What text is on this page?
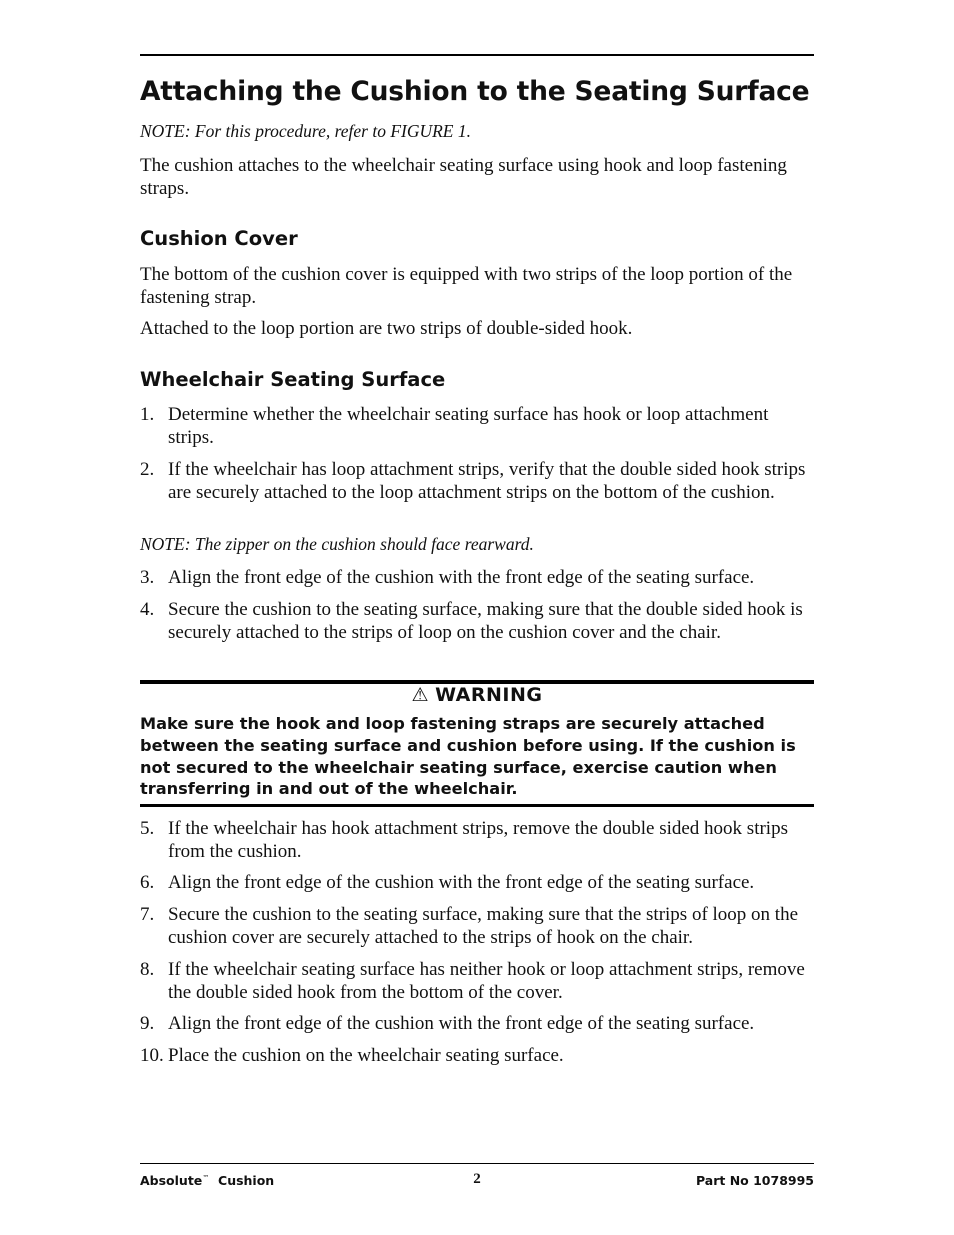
Attaching the Cushion to the Seating Surface
NOTE: For this procedure, refer to FIGURE 1.
The cushion attaches to the wheelchair seating surface using hook and loop fastening straps.
Cushion Cover
The bottom of the cushion cover is equipped with two strips of the loop portion of the fastening strap.
Attached to the loop portion are two strips of double-sided hook.
Wheelchair Seating Surface
1. Determine whether the wheelchair seating surface has hook or loop attachment strips.
2. If the wheelchair has loop attachment strips, verify that the double sided hook strips are securely attached to the loop attachment strips on the bottom of the cushion.
NOTE: The zipper on the cushion should face rearward.
3. Align the front edge of the cushion with the front edge of the seating surface.
4. Secure the cushion to the seating surface, making sure that the double sided hook is securely attached to the strips of loop on the cushion cover and the chair.
⚠ WARNING
Make sure the hook and loop fastening straps are securely attached between the seating surface and cushion before using. If the cushion is not secured to the wheelchair seating surface, exercise caution when transferring in and out of the wheelchair.
5. If the wheelchair has hook attachment strips, remove the double sided hook strips from the cushion.
6. Align the front edge of the cushion with the front edge of the seating surface.
7. Secure the cushion to the seating surface, making sure that the strips of loop on the cushion cover are securely attached to the strips of hook on the chair.
8. If the wheelchair seating surface has neither hook or loop attachment strips, remove the double sided hook from the bottom of the cover.
9. Align the front edge of the cushion with the front edge of the seating surface.
10. Place the cushion on the wheelchair seating surface.
Absolute™ Cushion	2	Part No 1078995
